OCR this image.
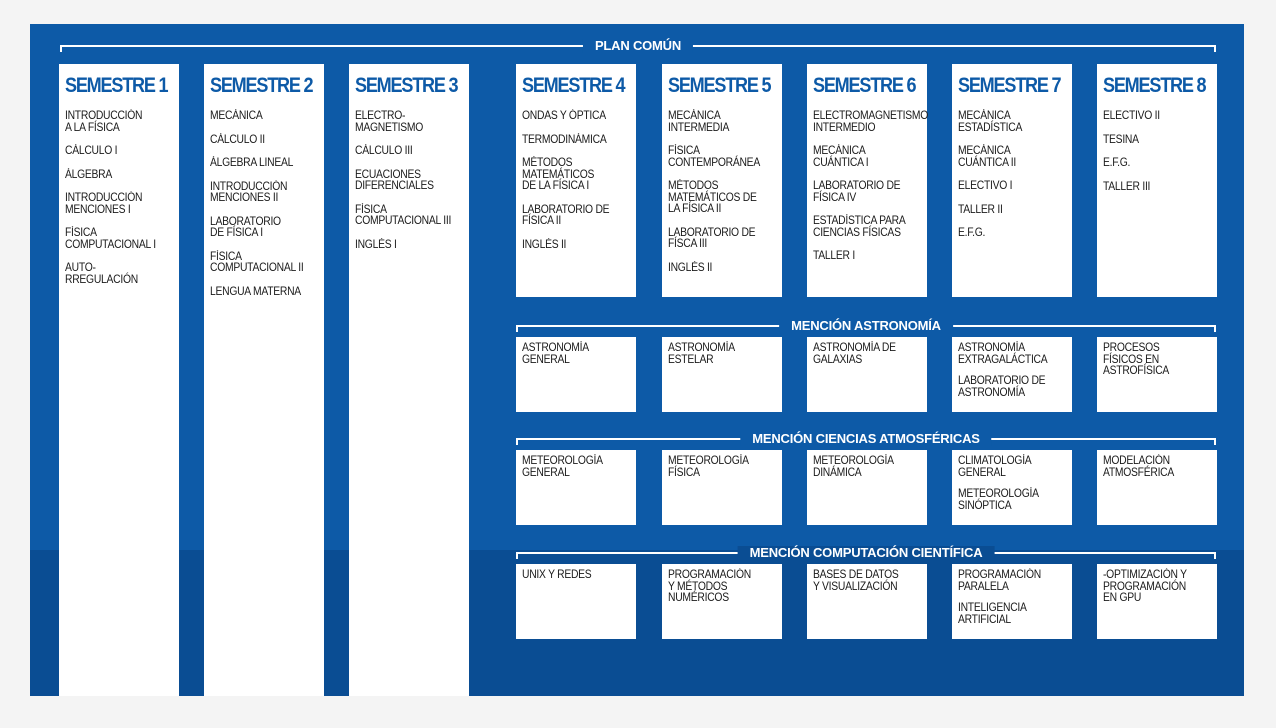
PLAN COMÚN
SEMESTRE 1
INTRODUCCIÓN
A LA FÍSICA
CÁLCULO I
ÁLGEBRA
INTRODUCCIÓN
MENCIONES I
FÍSICA
COMPUTACIONAL I
AUTO-
RREGULACIÓN
SEMESTRE 2
MECÁNICA
CÁLCULO II
ÁLGEBRA LINEAL
INTRODUCCIÓN
MENCIONES II
LABORATORIO
DE FÍSICA I
FÍSICA
COMPUTACIONAL II
LENGUA MATERNA
SEMESTRE 3
ELECTRO-
MAGNETISMO
CÁLCULO III
ECUACIONES
DIFERENCIALES
FÍSICA
COMPUTACIONAL III
INGLÉS I
SEMESTRE 4
ONDAS Y ÓPTICA
TERMODINÁMICA
MÉTODOS
MATEMÁTICOS
DE LA FÍSICA I
LABORATORIO DE
FÍSICA II
INGLÉS II
SEMESTRE 5
MECÁNICA
INTERMEDIA
FÍSICA
CONTEMPORÁNEA
MÉTODOS
MATEMÁTICOS DE
LA FÍSICA II
LABORATORIO DE
FÍSCA III
INGLÉS II
SEMESTRE 6
ELECTROMAGNETISMO
INTERMEDIO
MECÁNICA
CUÁNTICA I
LABORATORIO DE
FÍSICA IV
ESTADÍSTICA PARA
CIENCIAS FÍSICAS
TALLER I
SEMESTRE 7
MECÁNICA
ESTADÍSTICA
MECÁNICA
CUÁNTICA II
ELECTIVO I
TALLER II
E.F.G.
SEMESTRE 8
ELECTIVO II
TESINA
E.F.G.
TALLER III
MENCIÓN ASTRONOMÍA
ASTRONOMÍA
GENERAL
ASTRONOMÍA
ESTELAR
ASTRONOMÍA DE
GALAXIAS
ASTRONOMÍA
EXTRAGALÁCTICA
LABORATORIO DE
ASTRONOMÍA
PROCESOS
FÍSICOS EN
ASTROFÍSICA
MENCIÓN CIENCIAS ATMOSFÉRICAS
METEOROLOGÍA
GENERAL
METEOROLOGÍA
FÍSICA
METEOROLOGÍA
DINÁMICA
CLIMATOLOGÍA
GENERAL
METEOROLOGÍA
SINÓPTICA
MODELACIÓN
ATMOSFÉRICA
MENCIÓN COMPUTACIÓN CIENTÍFICA
UNIX Y REDES	PROGRAMACIÓN
Y MÉTODOS
NUMÉRICOS
BASES DE DATOS
Y VISUALIZACIÓN
PROGRAMACIÓN
PARALELA
INTELIGENCIA
ARTIFICIAL
-OPTIMIZACIÓN Y
PROGRAMACIÓN
EN GPU
